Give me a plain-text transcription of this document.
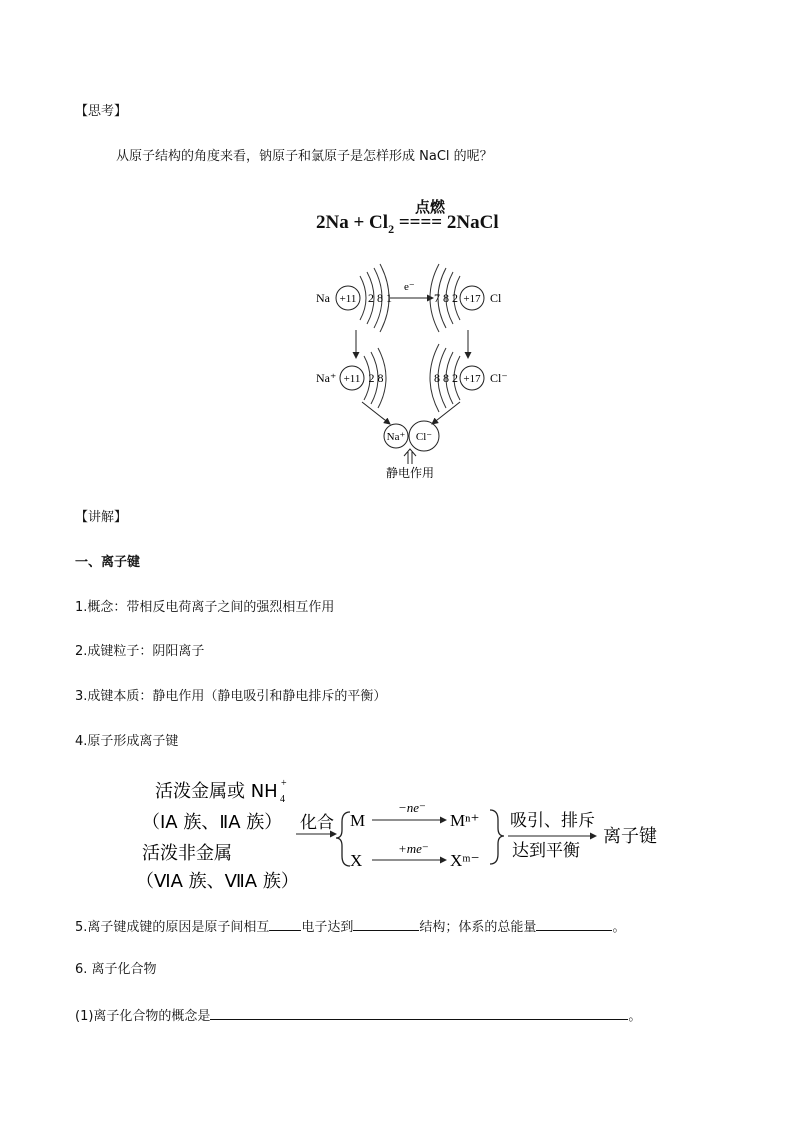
【思考】
从原子结构的角度来看，钠原子和氯原子是怎样形成 NaCl 的呢？
点燃
$2Na + Cl_2$ ==== 2NaCl
Na +11 2 8 1
e⁻
7 8 2 +17 Cl
Na⁺ +11 2 8	8 8 2 +17 Cl⁻
Na⁺ Cl⁻
静电作用
【讲解】
一、离子键
1.概念：带相反电荷离子之间的强烈相互作用
2.成键粒子：阴阳离子
3.成键本质：静电作用（静电吸引和静电排斥的平衡）
4.原子形成离子键
活泼金属或 NH +
4
（ⅠA 族、ⅡA 族）
活泼非金属
（ⅥA 族、ⅦA 族）
化合 M
−ne⁻
Mⁿ⁺
X
+me⁻
Xᵐ⁻
吸引、排斥
达到平衡
离子键
5.离子键成键的原因是原子间相互 电子达到	结构；体系的总能量	。
6. 离子化合物
(1)离子化合物的概念是	。
